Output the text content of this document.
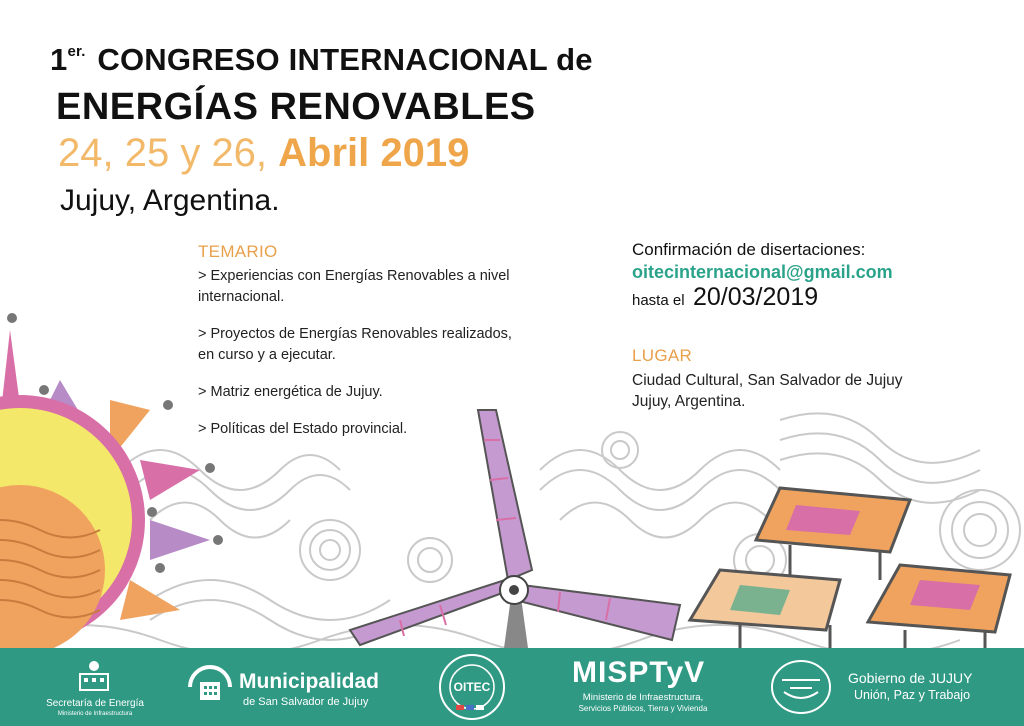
$1^{er.}$ CONGRESO INTERNACIONAL de
ENERGÍAS RENOVABLES
24, 25 y 26, Abril 2019
Jujuy, Argentina.
TEMARIO
> Experiencias con Energías Renovables a nivel internacional.
> Proyectos de Energías Renovables realizados, en curso y a ejecutar.
> Matriz energética de Jujuy.
> Políticas del Estado provincial.
Confirmación de disertaciones:
oitecinternacional@gmail.com
hasta el 20/03/2019
LUGAR
Ciudad Cultural, San Salvador de Jujuy
Jujuy, Argentina.
Secretaría de Energía
Ministerio de Infraestructura
Municipalidad
de San Salvador de Jujuy
OITEC	MISPTyV
Ministerio de Infraestructura,
Servicios Públicos, Tierra y Vivienda
Gobierno de JUJUY
Unión, Paz y Trabajo
